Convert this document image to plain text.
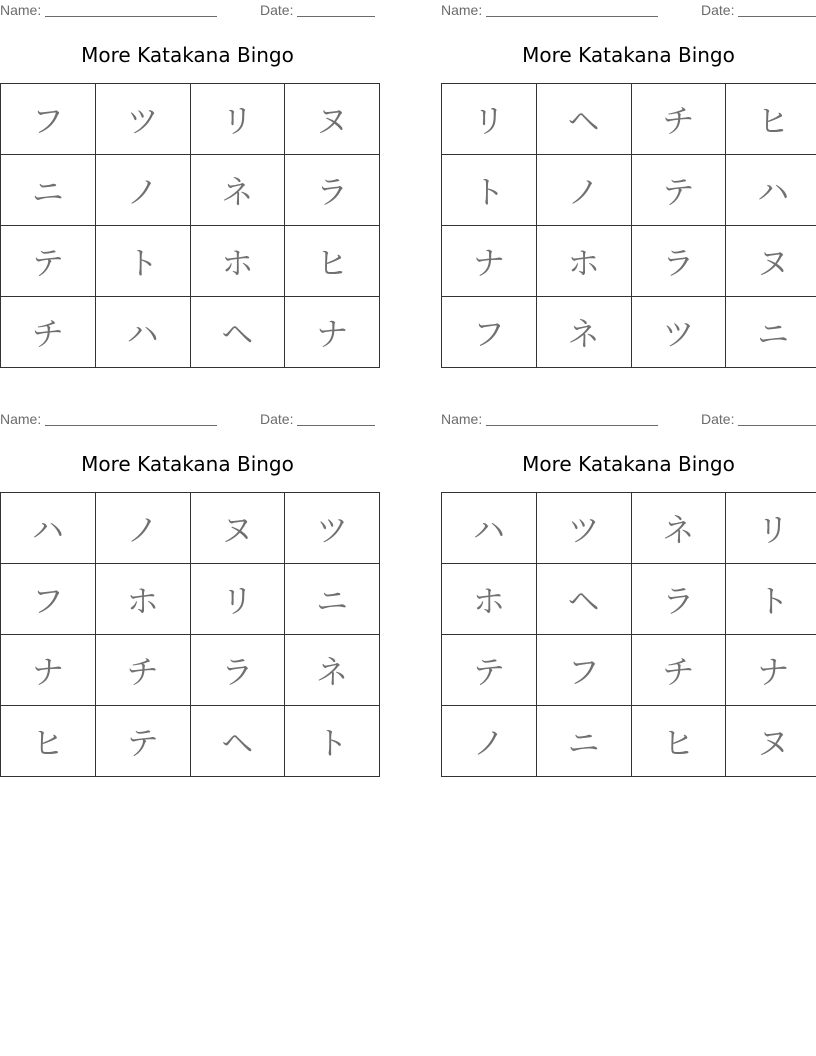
Name:	Date:
More Katakana Bingo
フ	ツ	リ	ヌ
ニ	ノ	ネ	ラ
テ	ト	ホ	ヒ
チ	ハ	ヘ	ナ
Name:	Date:
More Katakana Bingo
リ	ヘ	チ	ヒ
ト	ノ	テ	ハ
ナ	ホ	ラ	ヌ
フ	ネ	ツ	ニ
Name:	Date:
More Katakana Bingo
ハ	ノ	ヌ	ツ
フ	ホ	リ	ニ
ナ	チ	ラ	ネ
ヒ	テ	ヘ	ト
Name:	Date:
More Katakana Bingo
ハ	ツ	ネ	リ
ホ	ヘ	ラ	ト
テ	フ	チ	ナ
ノ	ニ	ヒ	ヌ
